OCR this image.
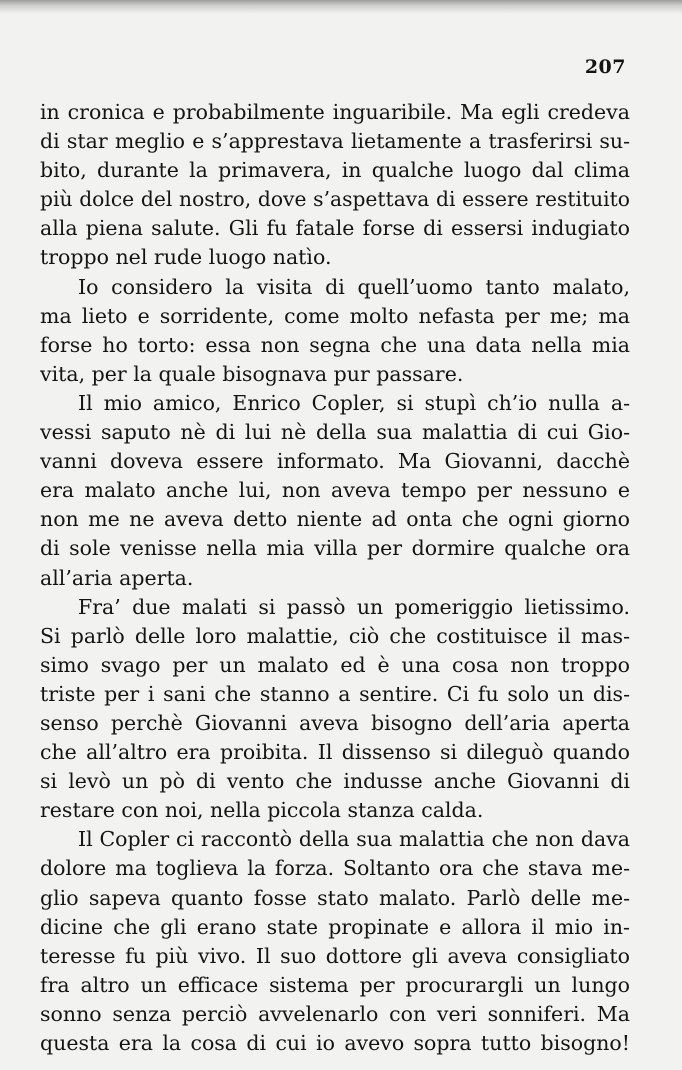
207
in cronica e probabilmente inguaribile. Ma egli credeva
di star meglio e s’apprestava lietamente a trasferirsi su-
bito, durante la primavera, in qualche luogo dal clima
più dolce del nostro, dove s’aspettava di essere restituito
alla piena salute. Gli fu fatale forse di essersi indugiato
troppo nel rude luogo natìo.
Io considero la visita di quell’uomo tanto malato,
ma lieto e sorridente, come molto nefasta per me; ma
forse ho torto: essa non segna che una data nella mia
vita, per la quale bisognava pur passare.
Il mio amico, Enrico Copler, si stupì ch’io nulla a-
vessi saputo nè di lui nè della sua malattia di cui Gio-
vanni doveva essere informato. Ma Giovanni, dacchè
era malato anche lui, non aveva tempo per nessuno e
non me ne aveva detto niente ad onta che ogni giorno
di sole venisse nella mia villa per dormire qualche ora
all’aria aperta.
Fra’ due malati si passò un pomeriggio lietissimo.
Si parlò delle loro malattie, ciò che costituisce il mas-
simo svago per un malato ed è una cosa non troppo
triste per i sani che stanno a sentire. Ci fu solo un dis-
senso perchè Giovanni aveva bisogno dell’aria aperta
che all’altro era proibita. Il dissenso si dileguò quando
si levò un pò di vento che indusse anche Giovanni di
restare con noi, nella piccola stanza calda.
Il Copler ci raccontò della sua malattia che non dava
dolore ma toglieva la forza. Soltanto ora che stava me-
glio sapeva quanto fosse stato malato. Parlò delle me-
dicine che gli erano state propinate e allora il mio in-
teresse fu più vivo. Il suo dottore gli aveva consigliato
fra altro un efficace sistema per procurargli un lungo
sonno senza perciò avvelenarlo con veri sonniferi. Ma
questa era la cosa di cui io avevo sopra tutto bisogno!
